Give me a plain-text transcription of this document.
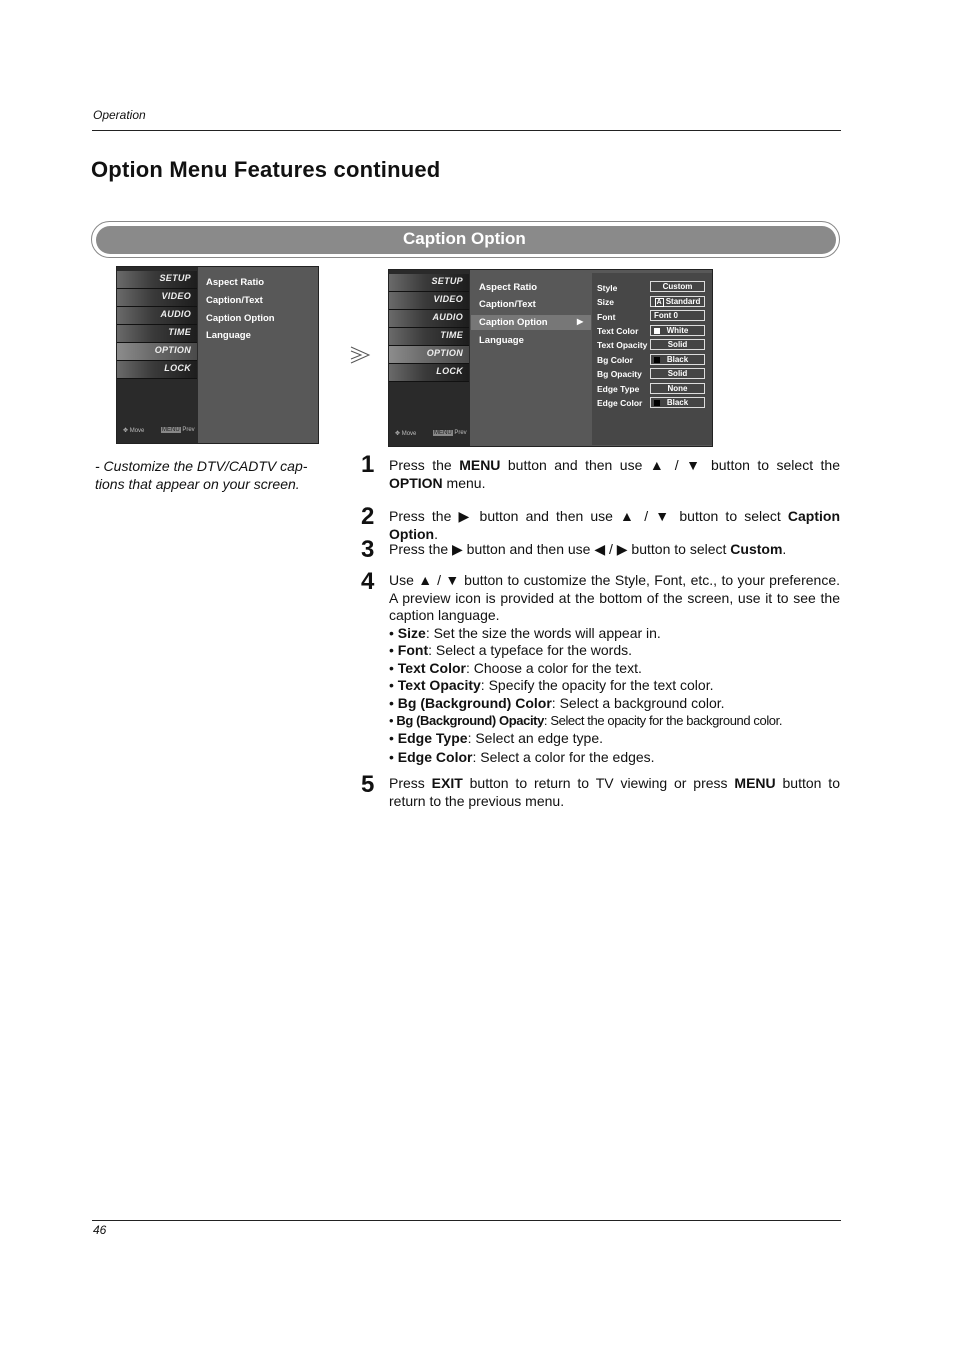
Operation
Option Menu Features continued
Caption Option
SETUP
VIDEO
AUDIO
TIME
OPTION
LOCK
✥ Move	MENU Prev
Aspect Ratio
Caption/Text
Caption Option
Language
SETUP
VIDEO
AUDIO
TIME
OPTION
LOCK
✥ Move	MENU Prev
Aspect Ratio
Caption/Text
Caption Option	▶
Language
Style	Custom
Size	A Standard
Font	Font 0
Text Color	White
Text Opacity	Solid
Bg Color	Black
Bg Opacity	Solid
Edge Type	None
Edge Color	Black
- Customize the DTV/CADTV cap-tions that appear on your screen.
1 Press the MENU button and then use ▲ / ▼ button to select the OPTION menu.
2 Press the ▶ button and then use ▲ / ▼ button to select Caption Option.
3 Press the ▶ button and then use ◀ / ▶ button to select Custom.
4 Use ▲ / ▼ button to customize the Style, Font, etc., to your preference. A preview icon is provided at the bottom of the screen, use it to see the caption language.
• Size: Set the size the words will appear in.
• Font: Select a typeface for the words.
• Text Color: Choose a color for the text.
• Text Opacity: Specify the opacity for the text color.
• Bg (Background) Color: Select a background color.
• Bg (Background) Opacity: Select the opacity for the background color.
• Edge Type: Select an edge type.
• Edge Color: Select a color for the edges.
5 Press EXIT button to return to TV viewing or press MENU button to return to the previous menu.
46
